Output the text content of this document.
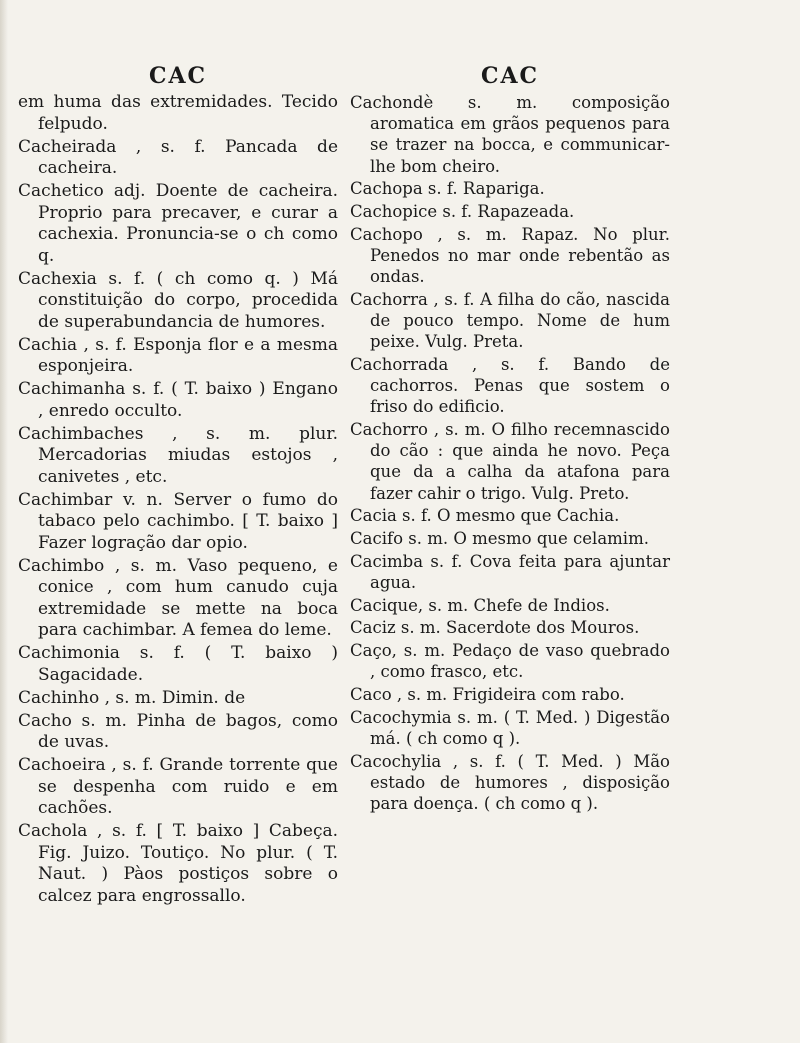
CAC

em huma das extremidades. Tecido felpudo.

Cacheirada , s. f. Pancada de cacheira.

Cachetico adj. Doente de cacheira. Proprio para precaver, e curar a cachexia. Pronuncia-se o ch como q.

Cachexia s. f. ( ch como q. ) Má constituição do corpo, procedida de superabundancia de humores.

Cachia , s. f. Esponja flor e a mesma esponjeira.

Cachimanha s. f. ( T. baixo ) Engano , enredo occulto.

Cachimbaches , s. m. plur. Mercadorias miudas estojos , canivetes , etc.

Cachimbar v. n. Server o fumo do tabaco pelo cachimbo. [ T. baixo ] Fazer logração dar opio.

Cachimbo , s. m. Vaso pequeno, e conice , com hum canudo cuja extremidade se mette na boca para cachimbar. A femea do leme.

Cachimonia s. f. ( T. baixo ) Sagacidade.

Cachinho , s. m. Dimin. de

Cacho s. m. Pinha de bagos, como de uvas.

Cachoeira , s. f. Grande torrente que se despenha com ruido e em cachões.

Cachola , s. f. [ T. baixo ] Cabeça. Fig. Juizo. Toutiço. No plur. ( T. Naut. ) Pàos postiços sobre o calcez para engrossallo.

CAC

Cachondè s. m. composição aromatica em grãos pequenos para se trazer na bocca, e communicar-lhe bom cheiro.

Cachopa s. f. Rapariga.

Cachopice s. f. Rapazeada.

Cachopo , s. m. Rapaz. No plur. Penedos no mar onde rebentão as ondas.

Cachorra , s. f. A filha do cão, nascida de pouco tempo. Nome de hum peixe. Vulg. Preta.

Cachorrada , s. f. Bando de cachorros. Penas que sostem o friso do edificio.

Cachorro , s. m. O filho recemnascido do cão : que ainda he novo. Peça que da a calha da atafona para fazer cahir o trigo. Vulg. Preto.

Cacia s. f. O mesmo que Cachia.

Cacifo s. m. O mesmo que celamim.

Cacimba s. f. Cova feita para ajuntar agua.

Cacique, s. m. Chefe de Indios.

Caciz s. m. Sacerdote dos Mouros.

Caço, s. m. Pedaço de vaso quebrado , como frasco, etc.

Caco , s. m. Frigideira com rabo.

Cacochymia s. m. ( T. Med. ) Digestão má. ( ch como q ).

Cacochylia , s. f. ( T. Med. ) Mão estado de humores , disposição para doença. ( ch como q ).
